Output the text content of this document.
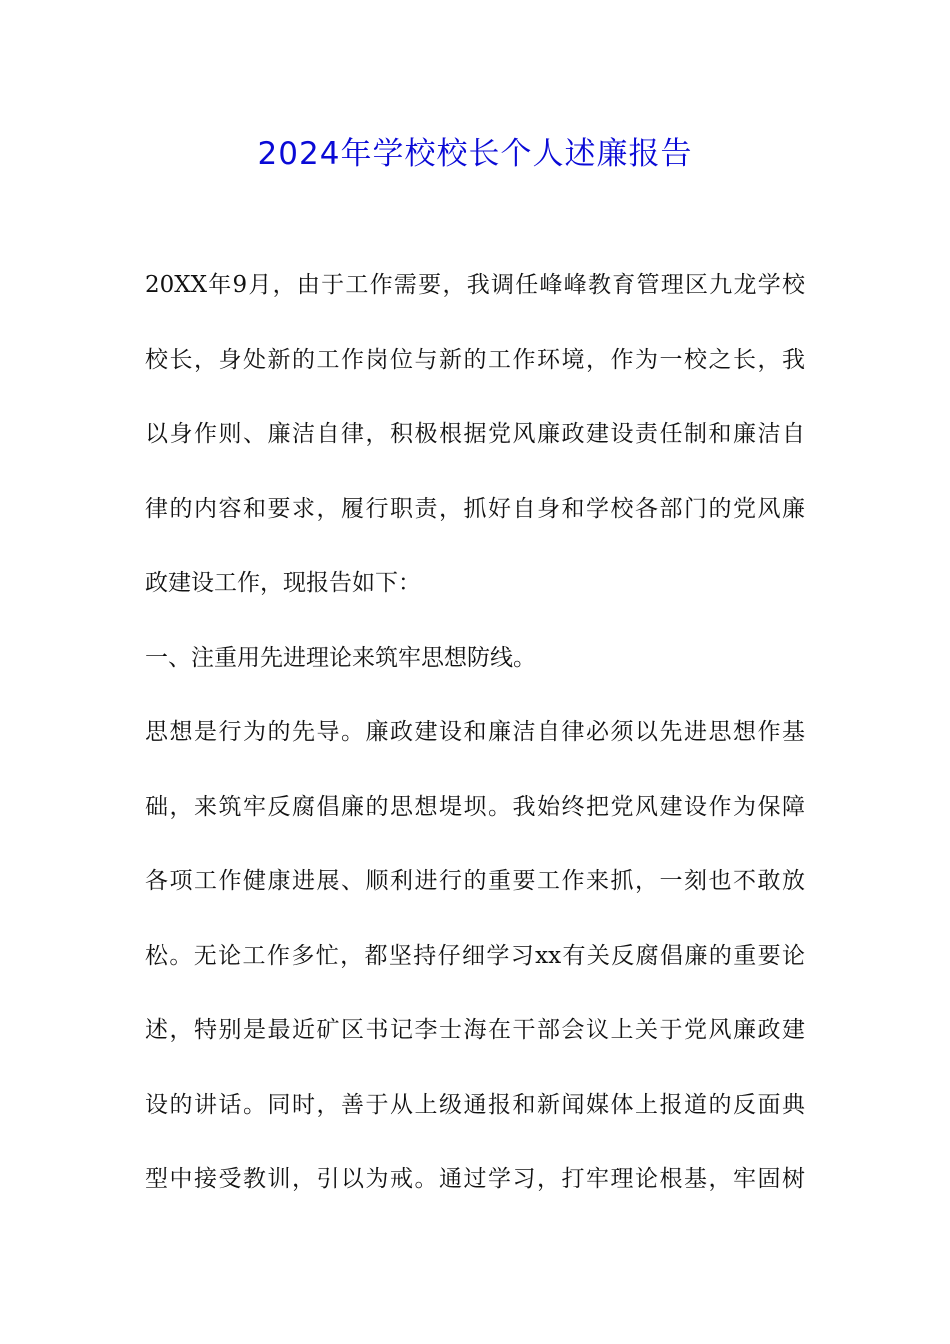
2024年学校校长个人述廉报告
20XX年9月，由于工作需要，我调任峰峰教育管理区九龙学校
校长，身处新的工作岗位与新的工作环境，作为一校之长，我
以身作则、廉洁自律，积极根据党风廉政建设责任制和廉洁自
律的内容和要求，履行职责，抓好自身和学校各部门的党风廉
政建设工作，现报告如下：
一、注重用先进理论来筑牢思想防线。
思想是行为的先导。廉政建设和廉洁自律必须以先进思想作基
础，来筑牢反腐倡廉的思想堤坝。我始终把党风建设作为保障
各项工作健康进展、顺利进行的重要工作来抓，一刻也不敢放
松。无论工作多忙，都坚持仔细学习xx有关反腐倡廉的重要论
述，特别是最近矿区书记李士海在干部会议上关于党风廉政建
设的讲话。同时，善于从上级通报和新闻媒体上报道的反面典
型中接受教训，引以为戒。通过学习，打牢理论根基，牢固树
